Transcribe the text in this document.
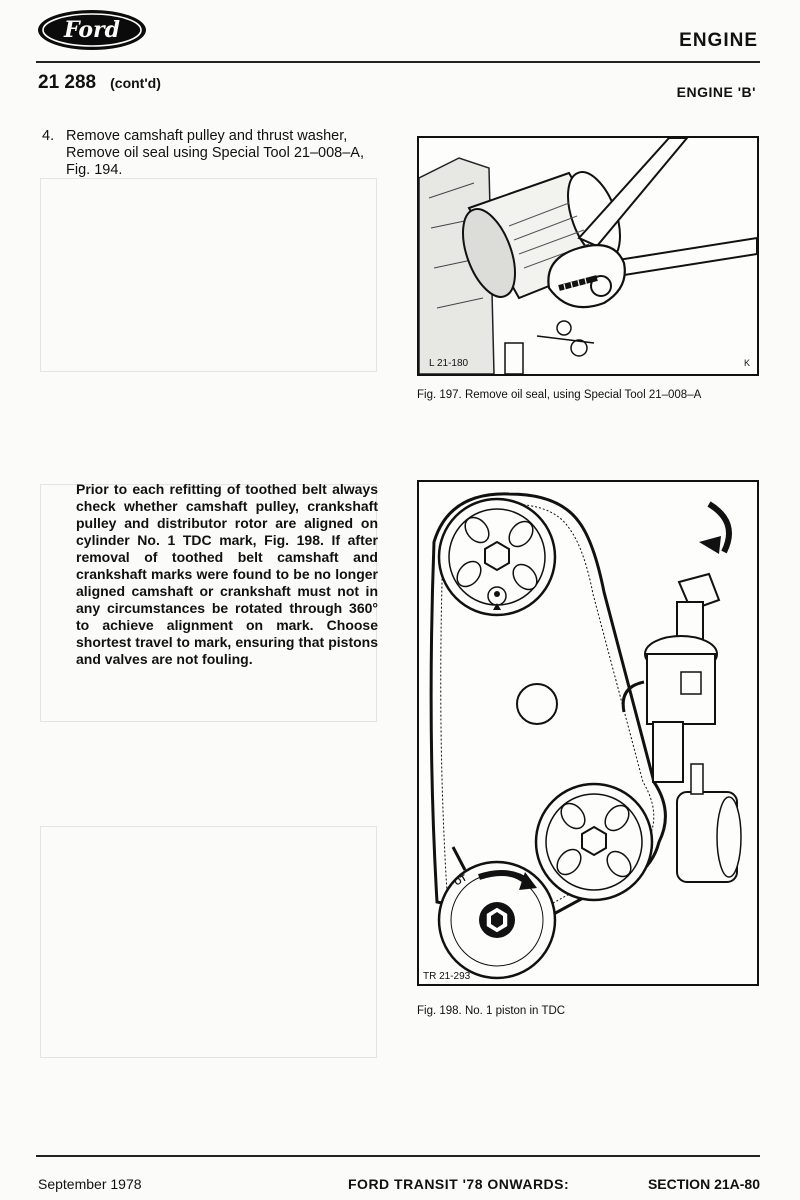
Ford	ENGINE
21 288 (cont'd)
ENGINE 'B'
4. Remove camshaft pulley and thrust washer, Remove oil seal using Special Tool 21–008–A, Fig. 194.
Prior to each refitting of toothed belt always check whether camshaft pulley, crankshaft pulley and distributor rotor are aligned on cylinder No. 1 TDC mark, Fig. 198. If after removal of toothed belt camshaft and crankshaft marks were found to be no longer aligned camshaft or crankshaft must not in any circumstances be rotated through 360° to achieve alignment on mark. Choose shortest travel to mark, ensuring that pistons and valves are not fouling.
L 21-180	K
Fig. 197. Remove oil seal, using Special Tool 21–008–A
OT
TR 21-293
Fig. 198. No. 1 piston in TDC
September 1978	FORD TRANSIT '78 ONWARDS:	SECTION 21A-80
